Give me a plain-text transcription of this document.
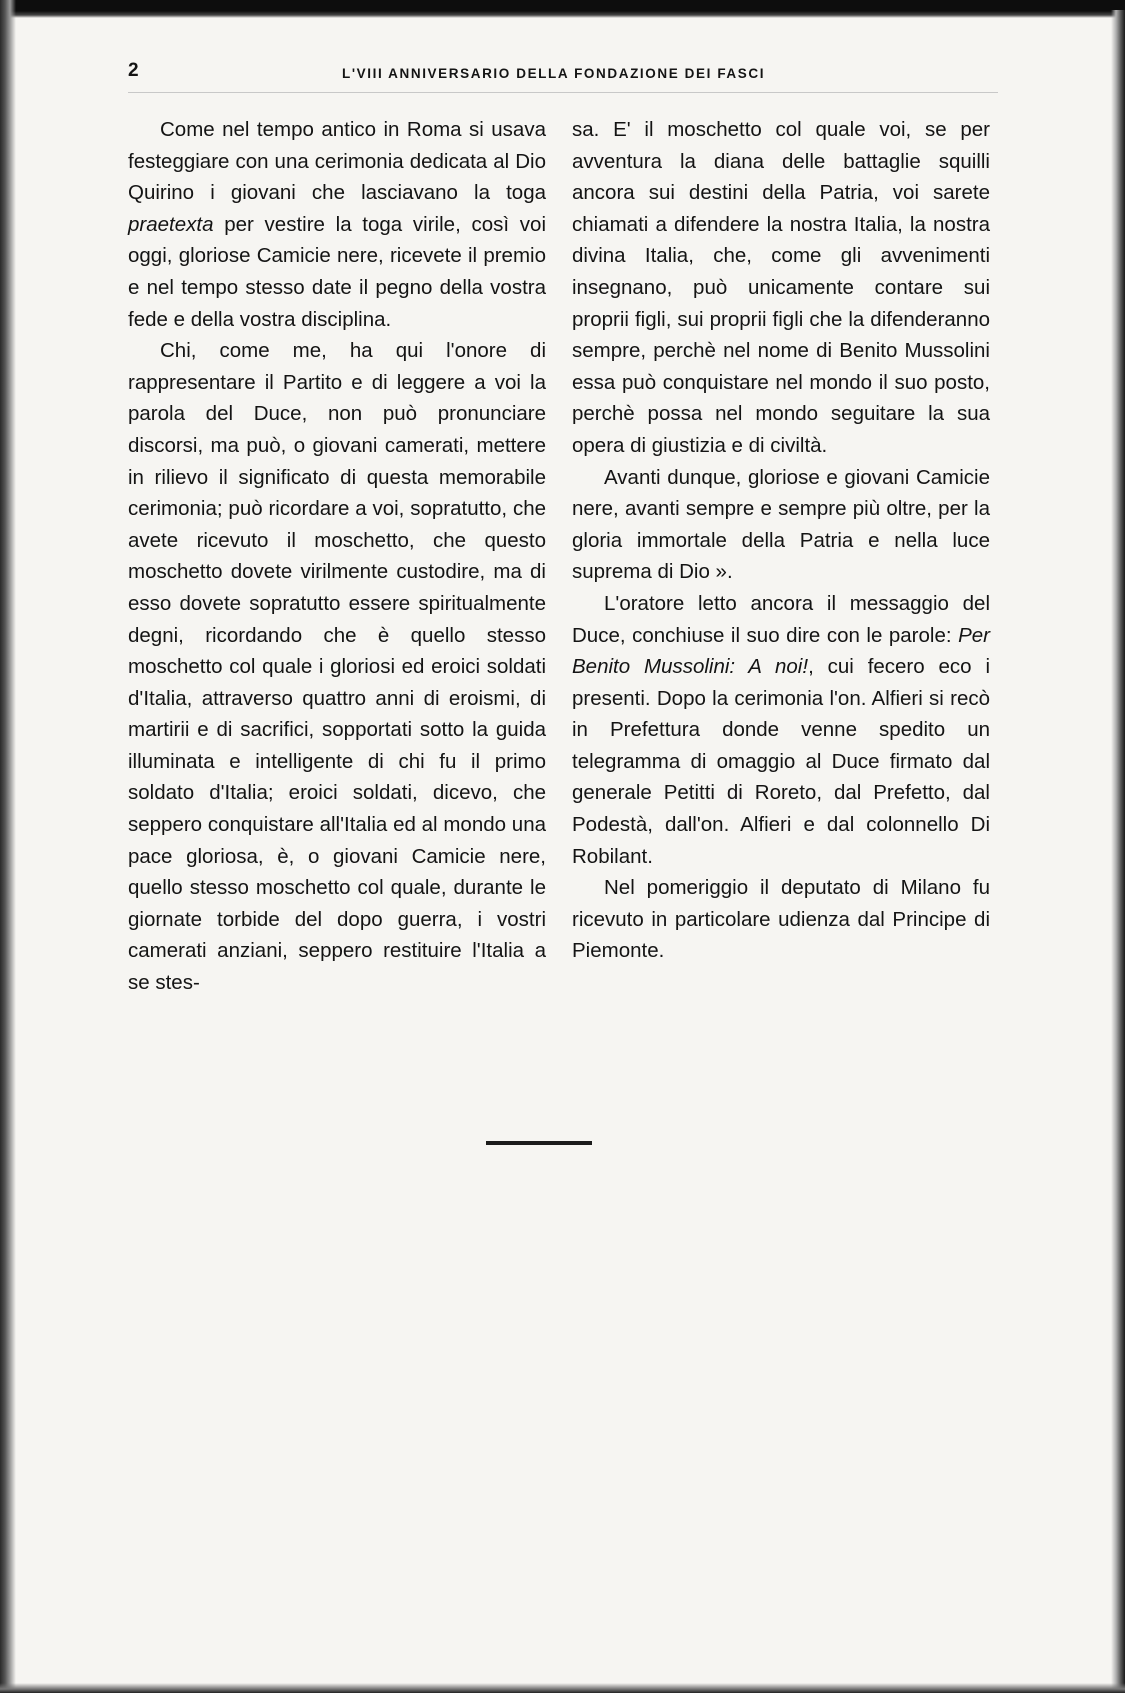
2	L'VIII ANNIVERSARIO DELLA FONDAZIONE DEI FASCI

Come nel tempo antico in Roma si usava festeggiare con una cerimonia dedicata al Dio Quirino i giovani che lasciavano la toga praetexta per vestire la toga virile, così voi oggi, gloriose Camicie nere, ricevete il premio e nel tempo stesso date il pegno della vostra fede e della vostra disciplina.

Chi, come me, ha qui l'onore di rappresentare il Partito e di leggere a voi la parola del Duce, non può pronunciare discorsi, ma può, o giovani camerati, mettere in rilievo il significato di questa memorabile cerimonia; può ricordare a voi, sopratutto, che avete ricevuto il moschetto, che questo moschetto dovete virilmente custodire, ma di esso dovete sopratutto essere spiritualmente degni, ricordando che è quello stesso moschetto col quale i gloriosi ed eroici soldati d'Italia, attraverso quattro anni di eroismi, di martirii e di sacrifici, sopportati sotto la guida illuminata e intelligente di chi fu il primo soldato d'Italia; eroici soldati, dicevo, che seppero conquistare all'Italia ed al mondo una pace gloriosa, è, o giovani Camicie nere, quello stesso moschetto col quale, durante le giornate torbide del dopo guerra, i vostri camerati anziani, seppero restituire l'Italia a se stes-

sa. E' il moschetto col quale voi, se per avventura la diana delle battaglie squilli ancora sui destini della Patria, voi sarete chiamati a difendere la nostra Italia, la nostra divina Italia, che, come gli avvenimenti insegnano, può unicamente contare sui proprii figli, sui proprii figli che la difenderanno sempre, perchè nel nome di Benito Mussolini essa può conquistare nel mondo il suo posto, perchè possa nel mondo seguitare la sua opera di giustizia e di civiltà.

Avanti dunque, gloriose e giovani Camicie nere, avanti sempre e sempre più oltre, per la gloria immortale della Patria e nella luce suprema di Dio ».

L'oratore letto ancora il messaggio del Duce, conchiuse il suo dire con le parole: Per Benito Mussolini: A noi!, cui fecero eco i presenti. Dopo la cerimonia l'on. Alfieri si recò in Prefettura donde venne spedito un telegramma di omaggio al Duce firmato dal generale Petitti di Roreto, dal Prefetto, dal Podestà, dall'on. Alfieri e dal colonnello Di Robilant.

Nel pomeriggio il deputato di Milano fu ricevuto in particolare udienza dal Principe di Piemonte.
